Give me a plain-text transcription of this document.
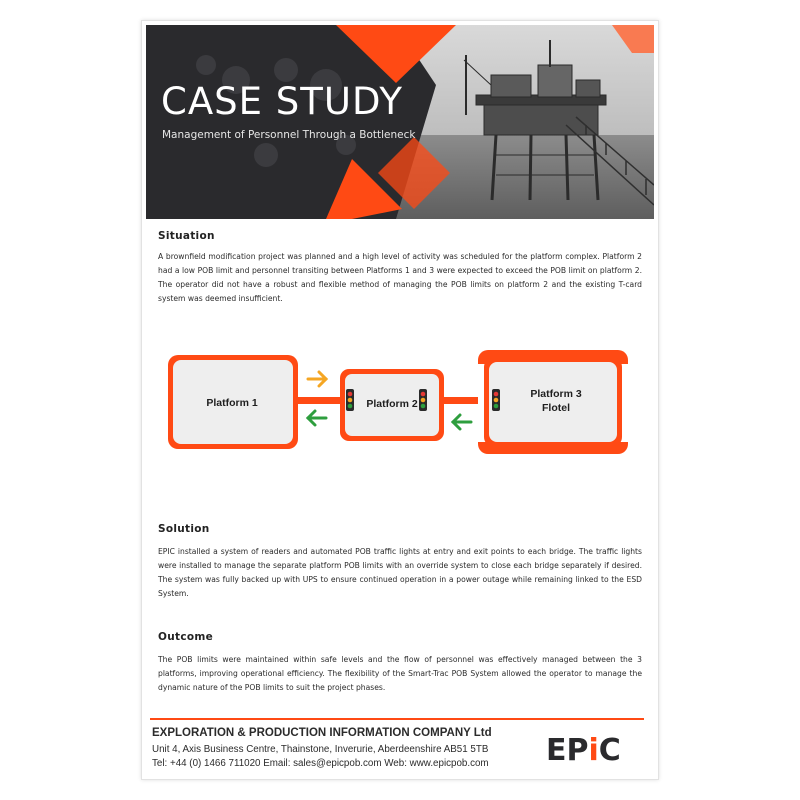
CASE STUDY
Management of Personnel Through a Bottleneck
Situation
A brownfield modification project was planned and a high level of activity was scheduled for the platform complex. Platform 2 had a low POB limit and personnel transiting between Platforms 1 and 3 were expected to exceed the POB limit on platform 2. The operator did not have a robust and flexible method of managing the POB limits on platform 2 and the existing T-card system was deemed insufficient.
Platform 1	Platform 2
Platform 3
Flotel
Solution
EPIC installed a system of readers and automated POB traffic lights at entry and exit points to each bridge. The traffic lights were installed to manage the separate platform POB limits with an override system to close each bridge separately if desired. The system was fully backed up with UPS to ensure continued operation in a power outage while remaining linked to the ESD System.
Outcome
The POB limits were maintained within safe levels and the flow of personnel was effectively managed between the 3 platforms, improving operational efficiency. The flexibility of the Smart-Trac POB System allowed the operator to manage the dynamic nature of the POB limits to suit the project phases.
EXPLORATION & PRODUCTION INFORMATION COMPANY Ltd
Unit 4, Axis Business Centre, Thainstone, Inverurie, Aberdeenshire AB51 5TB
Tel: +44 (0) 1466 711020 Email: sales@epicpob.com Web: www.epicpob.com EPiC
